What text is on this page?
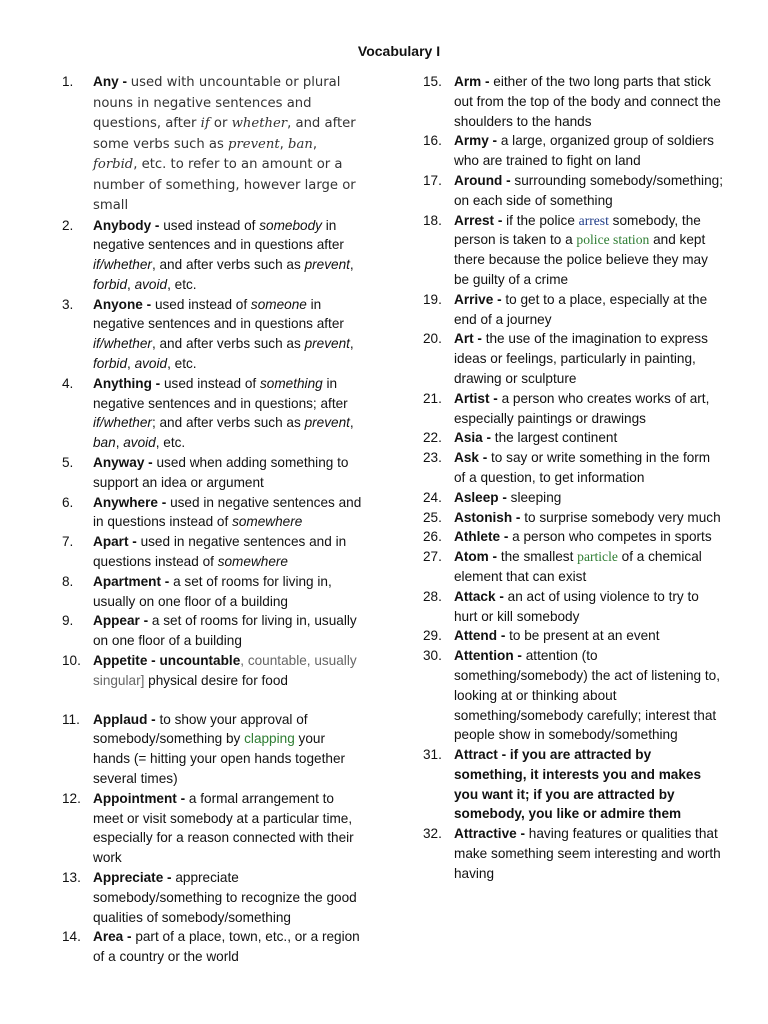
Vocabulary I
1.	Any - used with uncountable or plural nouns in negative sentences and questions, after if or whether, and after some verbs such as prevent, ban, forbid, etc. to refer to an amount or a number of something, however large or small
2.	Anybody - used instead of somebody in negative sentences and in questions after if/whether, and after verbs such as prevent, forbid, avoid, etc.
3.	Anyone - used instead of someone in negative sentences and in questions after if/whether, and after verbs such as prevent, forbid, avoid, etc.
4.	Anything - used instead of something in negative sentences and in questions; after if/whether; and after verbs such as prevent, ban, avoid, etc.
5.	Anyway - used when adding something to support an idea or argument
6.	Anywhere - used in negative sentences and in questions instead of somewhere
7.	Apart - used in negative sentences and in questions instead of somewhere
8.	Apartment - a set of rooms for living in, usually on one floor of a building
9.	Appear - a set of rooms for living in, usually on one floor of a building
10. Appetite - uncountable, countable, usually singular] physical desire for food
11. Applaud - to show your approval of somebody/something by clapping your hands (= hitting your open hands together several times)
12. Appointment - a formal arrangement to meet or visit somebody at a particular time, especially for a reason connected with their work
13. Appreciate - appreciate somebody/something to recognize the good qualities of somebody/something
14. Area - part of a place, town, etc., or a region of a country or the world
15. Arm - either of the two long parts that stick out from the top of the body and connect the shoulders to the hands
16. Army - a large, organized group of soldiers who are trained to fight on land
17. Around - surrounding somebody/something; on each side of something
18. Arrest - if the police arrest somebody, the person is taken to a police station and kept there because the police believe they may be guilty of a crime
19. Arrive - to get to a place, especially at the end of a journey
20. Art - the use of the imagination to express ideas or feelings, particularly in painting, drawing or sculpture
21. Artist - a person who creates works of art, especially paintings or drawings
22. Asia - the largest continent
23. Ask - to say or write something in the form of a question, to get information
24. Asleep - sleeping
25. Astonish - to surprise somebody very much
26. Athlete - a person who competes in sports
27. Atom - the smallest particle of a chemical element that can exist
28. Attack - an act of using violence to try to hurt or kill somebody
29. Attend - to be present at an event
30. Attention - attention (to something/somebody) the act of listening to, looking at or thinking about something/somebody carefully; interest that people show in somebody/something
31. Attract - if you are attracted by something, it interests you and makes you want it; if you are attracted by somebody, you like or admire them
32. Attractive - having features or qualities that make something seem interesting and worth having
